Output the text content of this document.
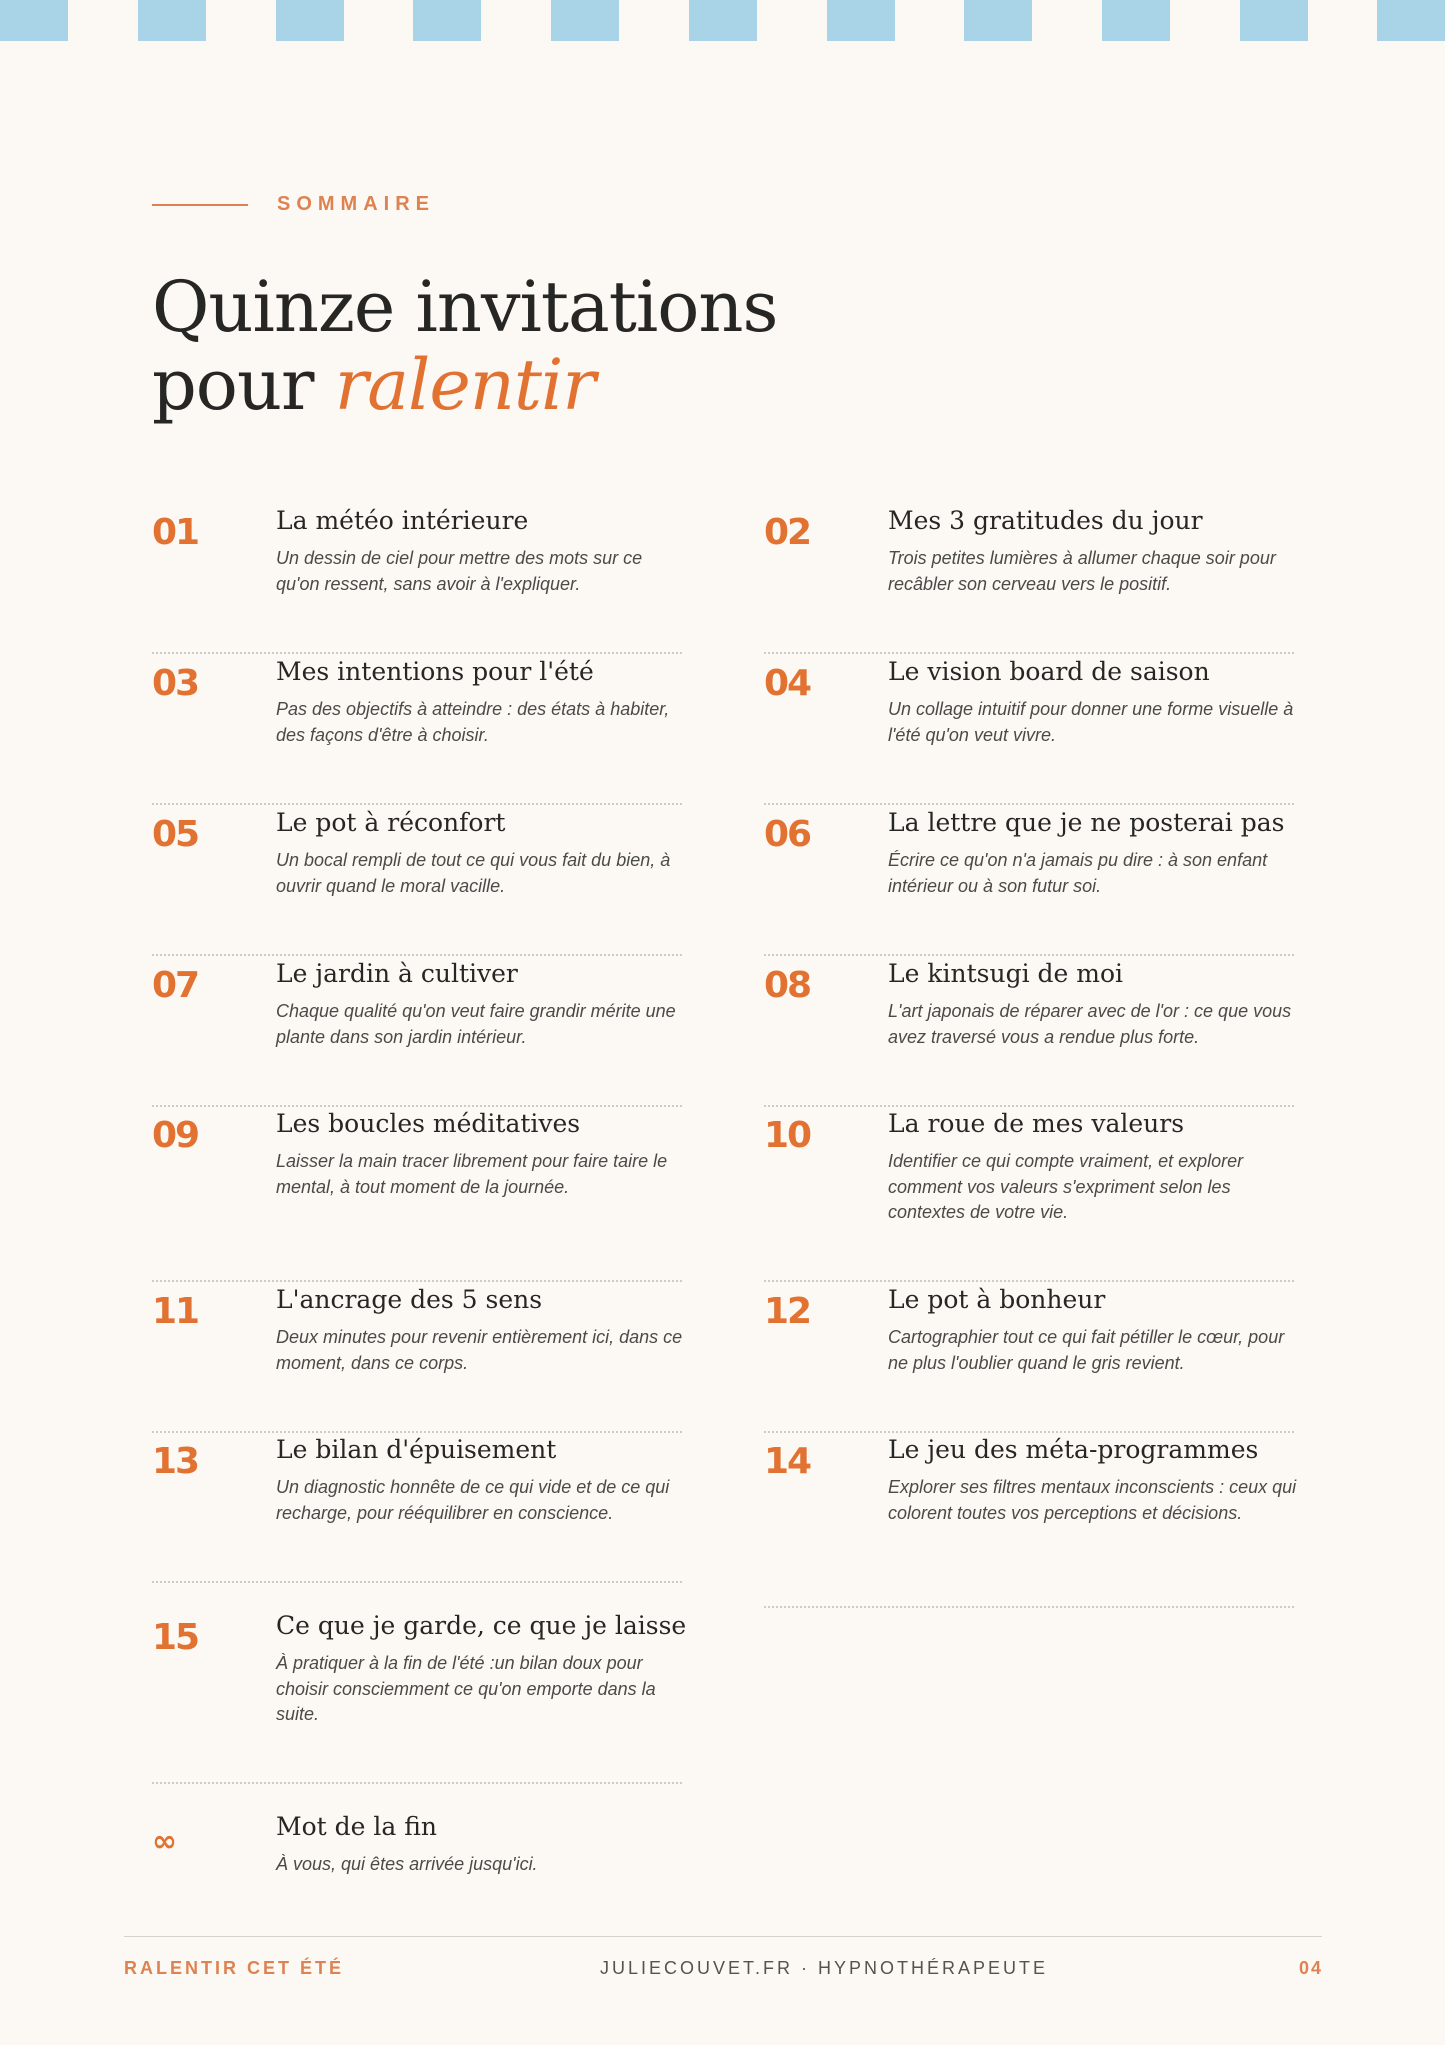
SOMMAIRE
Quinze invitations
pour ralentir
01	La météo intérieure

Un dessin de ciel pour mettre des mots sur ce qu'on ressent, sans avoir à l'expliquer.

02	Mes 3 gratitudes du jour

Trois petites lumières à allumer chaque soir pour recâbler son cerveau vers le positif.

03	Mes intentions pour l'été

Pas des objectifs à atteindre : des états à habiter, des façons d'être à choisir.

04	Le vision board de saison

Un collage intuitif pour donner une forme visuelle à l'été qu'on veut vivre.

05	Le pot à réconfort

Un bocal rempli de tout ce qui vous fait du bien, à ouvrir quand le moral vacille.

06	La lettre que je ne posterai pas

Écrire ce qu'on n'a jamais pu dire : à son enfant intérieur ou à son futur soi.

07	Le jardin à cultiver

Chaque qualité qu'on veut faire grandir mérite une plante dans son jardin intérieur.

08	Le kintsugi de moi

L'art japonais de réparer avec de l'or : ce que vous avez traversé vous a rendue plus forte.

09	Les boucles méditatives

Laisser la main tracer librement pour faire taire le mental, à tout moment de la journée.

10	La roue de mes valeurs

Identifier ce qui compte vraiment, et explorer comment vos valeurs s'expriment selon les contextes de votre vie.

11	L'ancrage des 5 sens

Deux minutes pour revenir entièrement ici, dans ce moment, dans ce corps.

12	Le pot à bonheur

Cartographier tout ce qui fait pétiller le cœur, pour ne plus l'oublier quand le gris revient.

13	Le bilan d'épuisement

Un diagnostic honnête de ce qui vide et de ce qui recharge, pour rééquilibrer en conscience.

14	Le jeu des méta-programmes

Explorer ses filtres mentaux inconscients : ceux qui colorent toutes vos perceptions et décisions.

15	Ce que je garde, ce que je laisse

À pratiquer à la fin de l'été :un bilan doux pour choisir consciemment ce qu'on emporte dans la suite.

∞	Mot de la fin

À vous, qui êtes arrivée jusqu'ici.

RALENTIR CET ÉTÉ	JULIECOUVET.FR · HYPNOTHÉRAPEUTE	04
